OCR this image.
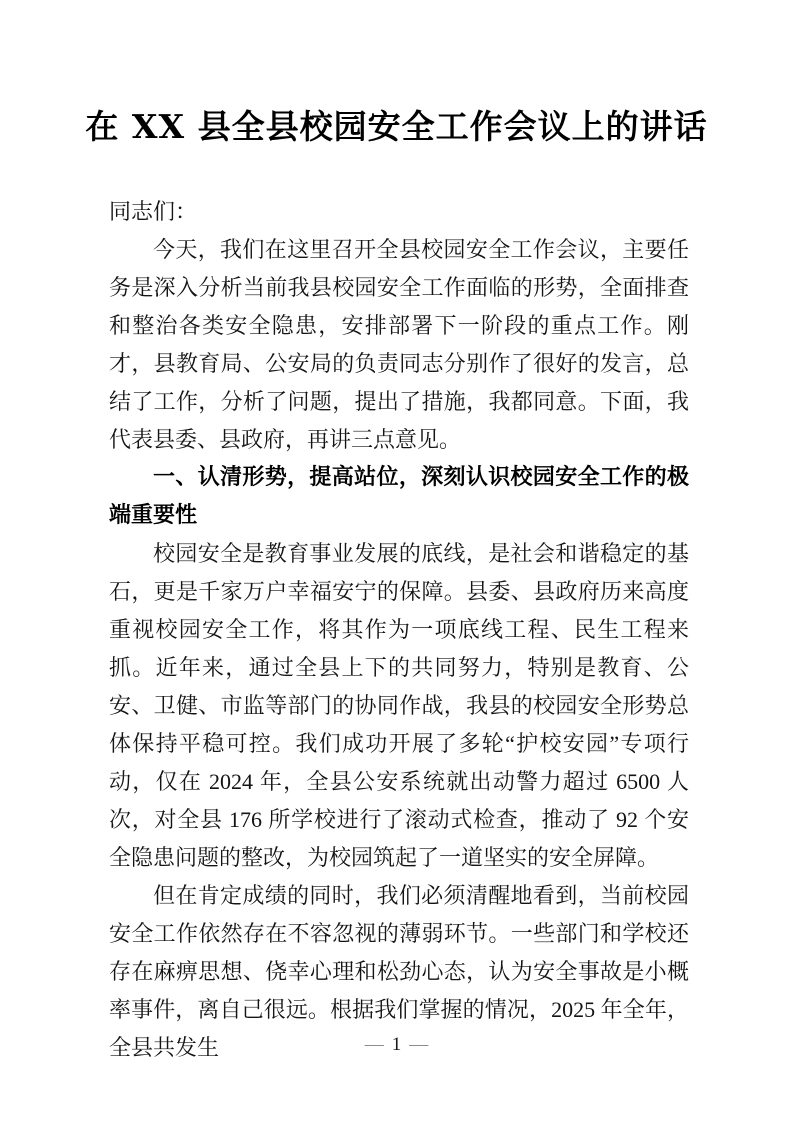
在 XX 县全县校园安全工作会议上的讲话

同志们：

今天，我们在这里召开全县校园安全工作会议，主要任务是深入分析当前我县校园安全工作面临的形势，全面排查和整治各类安全隐患，安排部署下一阶段的重点工作。刚才，县教育局、公安局的负责同志分别作了很好的发言，总结了工作，分析了问题，提出了措施，我都同意。下面，我代表县委、县政府，再讲三点意见。

一、认清形势，提高站位，深刻认识校园安全工作的极端重要性

校园安全是教育事业发展的底线，是社会和谐稳定的基石，更是千家万户幸福安宁的保障。县委、县政府历来高度重视校园安全工作，将其作为一项底线工程、民生工程来抓。近年来，通过全县上下的共同努力，特别是教育、公安、卫健、市监等部门的协同作战，我县的校园安全形势总体保持平稳可控。我们成功开展了多轮“护校安园”专项行动，仅在 2024 年，全县公安系统就出动警力超过 6500 人次，对全县 176 所学校进行了滚动式检查，推动了 92 个安全隐患问题的整改，为校园筑起了一道坚实的安全屏障。

但在肯定成绩的同时，我们必须清醒地看到，当前校园安全工作依然存在不容忽视的薄弱环节。一些部门和学校还存在麻痹思想、侥幸心理和松劲心态，认为安全事故是小概率事件，离自己很远。根据我们掌握的情况，2025 年全年，全县共发生	— 1 —
